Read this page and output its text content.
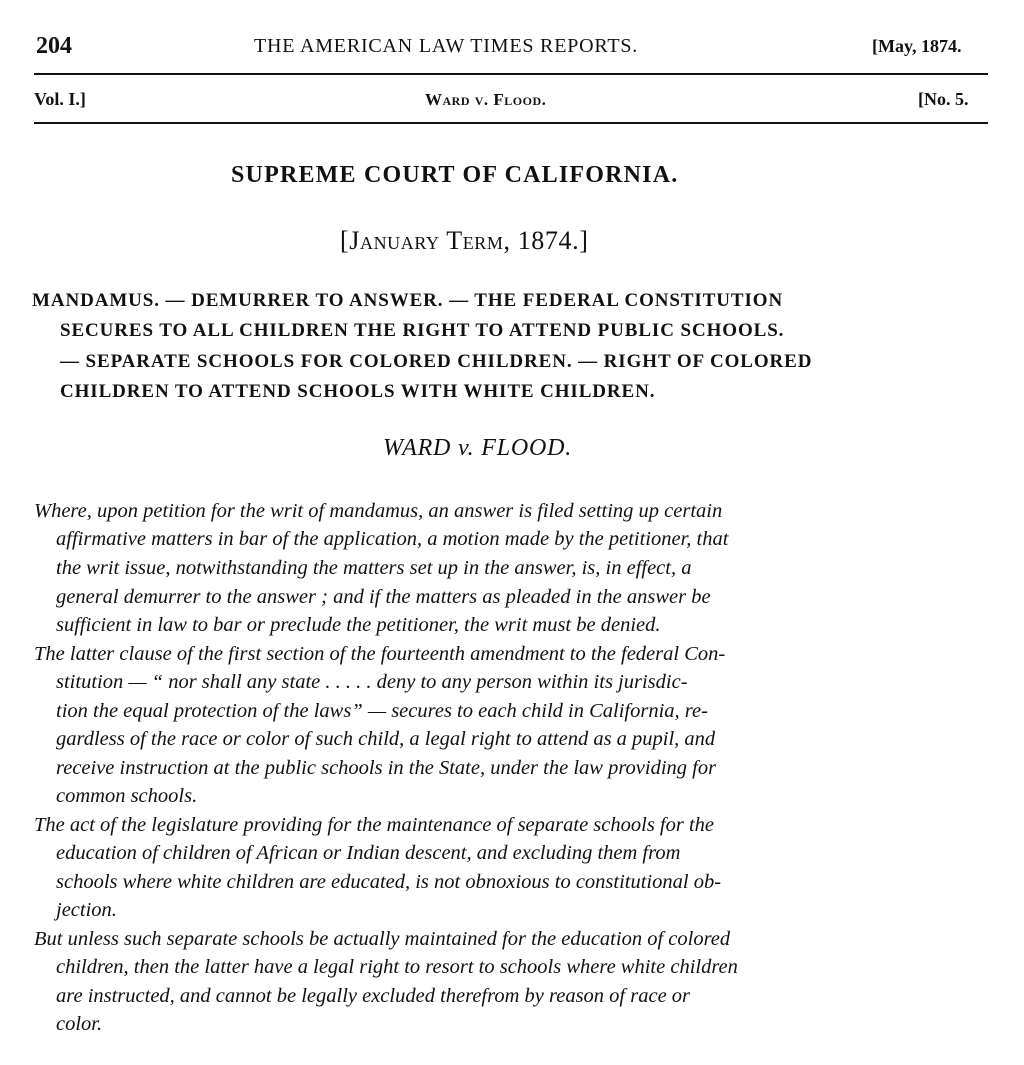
204	THE AMERICAN LAW TIMES REPORTS.	[May, 1874.
Vol. I.]	Ward v. Flood.	[No. 5.
SUPREME COURT OF CALIFORNIA.
[January Term, 1874.]
MANDAMUS. — DEMURRER TO ANSWER. — THE FEDERAL CONSTITUTION
SECURES TO ALL CHILDREN THE RIGHT TO ATTEND PUBLIC SCHOOLS.
— SEPARATE SCHOOLS FOR COLORED CHILDREN. — RIGHT OF COLORED
CHILDREN TO ATTEND SCHOOLS WITH WHITE CHILDREN.
WARD v. FLOOD.
Where, upon petition for the writ of mandamus, an answer is filed setting up certain
affirmative matters in bar of the application, a motion made by the petitioner, that
the writ issue, notwithstanding the matters set up in the answer, is, in effect, a
general demurrer to the answer ; and if the matters as pleaded in the answer be
sufficient in law to bar or preclude the petitioner, the writ must be denied.
The latter clause of the first section of the fourteenth amendment to the federal Con-
stitution — “ nor shall any state . . . . . deny to any person within its jurisdic-
tion the equal protection of the laws” — secures to each child in California, re-
gardless of the race or color of such child, a legal right to attend as a pupil, and
receive instruction at the public schools in the State, under the law providing for
common schools.
The act of the legislature providing for the maintenance of separate schools for the
education of children of African or Indian descent, and excluding them from
schools where white children are educated, is not obnoxious to constitutional ob-
jection.
But unless such separate schools be actually maintained for the education of colored
children, then the latter have a legal right to resort to schools where white children
are instructed, and cannot be legally excluded therefrom by reason of race or
color.
